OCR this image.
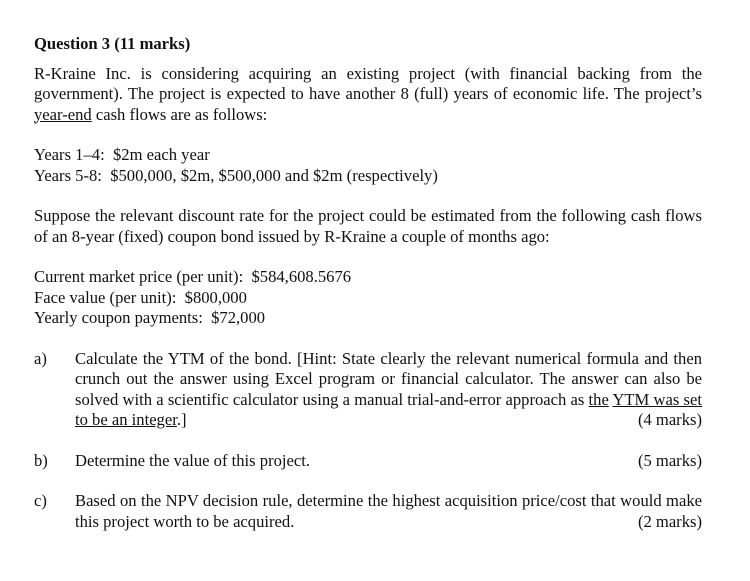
Question 3 (11 marks)

R-Kraine Inc. is considering acquiring an existing project (with financial backing from the government). The project is expected to have another 8 (full) years of economic life. The project’s year-end cash flows are as follows:

Years 1–4:  $2m each year

Years 5-8:  $500,000, $2m, $500,000 and $2m (respectively)

Suppose the relevant discount rate for the project could be estimated from the following cash flows of an 8-year (fixed) coupon bond issued by R-Kraine a couple of months ago:

Current market price (per unit):  $584,608.5676

Face value (per unit):  $800,000

Yearly coupon payments:  $72,000

a)	Calculate the YTM of the bond. [Hint: State clearly the relevant numerical formula and then crunch out the answer using Excel program or financial calculator. The answer can also be solved with a scientific calculator using a manual trial-and-error approach as the YTM was set to be an integer.]	(4 marks)
b)	Determine the value of this project.	(5 marks)
c)	Based on the NPV decision rule, determine the highest acquisition price/cost that would make this project worth to be acquired.	(2 marks)
